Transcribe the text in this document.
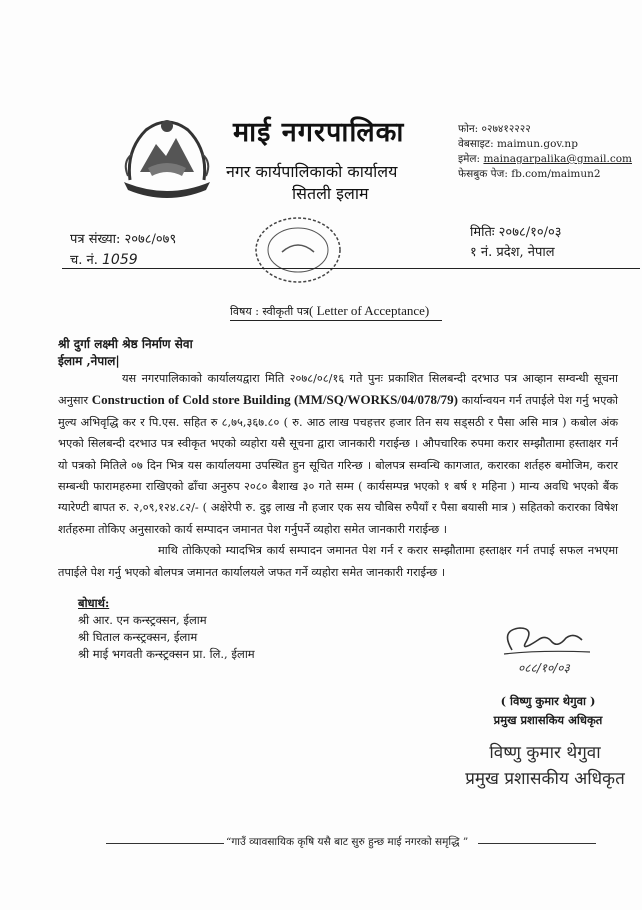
माई नगरपालिका
नगर कार्यपालिकाको कार्यालय
सितली इलाम
फोन: ०२७४१२२२२
वेबसाइट: maimun.gov.np
इमेल: mainagarpalika@gmail.com
फेसबुक पेज: fb.com/maimun2
पत्र संख्या: २०७८/०७९
च. नं. 1059
मितिः २०७८/१०/०३
१ नं. प्रदेश, नेपाल
विषय : स्वीकृती पत्र( Letter of Acceptance)
श्री दुर्गा लक्ष्मी श्रेष्ठ निर्माण सेवा
ईलाम ,नेपाल|

यस नगरपालिकाको कार्यालयद्वारा मिति २०७८/०८/१६ गते पुनः प्रकाशित सिलबन्दी दरभाउ पत्र आव्हान सम्वन्धी सूचना अनुसार Construction of Cold store Building (MM/SQ/WORKS/04/078/79) कार्यान्वयन गर्न तपाईले पेश गर्नु भएको मुल्य अभिवृद्धि कर र पि.एस. सहित रु ८,७५,३६७.८० ( रु. आठ लाख पचहत्तर हजार तिन सय सड्सठी र पैसा असि मात्र ) कबोल अंक भएको सिलबन्दी दरभाउ पत्र स्वीकृत भएको व्यहोरा यसै सूचना द्वारा जानकारी गराईन्छ । औपचारिक रुपमा करार सम्झौतामा हस्ताक्षर गर्न यो पत्रको मितिले ०७ दिन भित्र यस कार्यालयमा उपस्थित हुन सूचित गरिन्छ । बोलपत्र सम्वन्धि कागजात, करारका शर्तहरु बमोजिम, करार सम्बन्धी फारामहरुमा राखिएको ढाँचा अनुरुप २०८० बैशाख ३० गते सम्म ( कार्यसम्पन्न भएको १ बर्ष १ महिना ) मान्य अवधि भएको बैंक ग्यारेण्टी बापत रु. २,०९,१२४.८२/- ( अक्षेरेपी रु. दुइ लाख नौ हजार एक सय चौबिस रुपैयाँ र पैसा बयासी मात्र ) सहितको करारका विषेश शर्तहरुमा तोकिए अनुसारको कार्य सम्पादन जमानत पेश गर्नुपर्ने व्यहोरा समेत जानकारी गराईन्छ ।

माथि तोकिएको म्यादभित्र कार्य सम्पादन जमानत पेश गर्न र करार सम्झौतामा हस्ताक्षर गर्न तपाई सफल नभएमा तपाईले पेश गर्नु भएको बोलपत्र जमानत कार्यालयले जफत गर्ने व्यहोरा समेत जानकारी गराईन्छ ।

बोधार्थ:
श्री आर. एन कन्स्ट्रक्सन, ईलाम
श्री घिताल कन्स्ट्रक्सन, ईलाम
श्री माई भगवती कन्स्ट्रक्सन प्रा. लि., ईलाम
०८८/१०/०३
( विष्णु कुमार थेगुवा )
प्रमुख प्रशासकिय अधिकृत
विष्णु कुमार थेगुवा
प्रमुख प्रशासकीय अधिकृत
“गाउँ व्यावसायिक कृषि यसै बाट सुरु हुन्छ माई नगरको समृद्धि ”
